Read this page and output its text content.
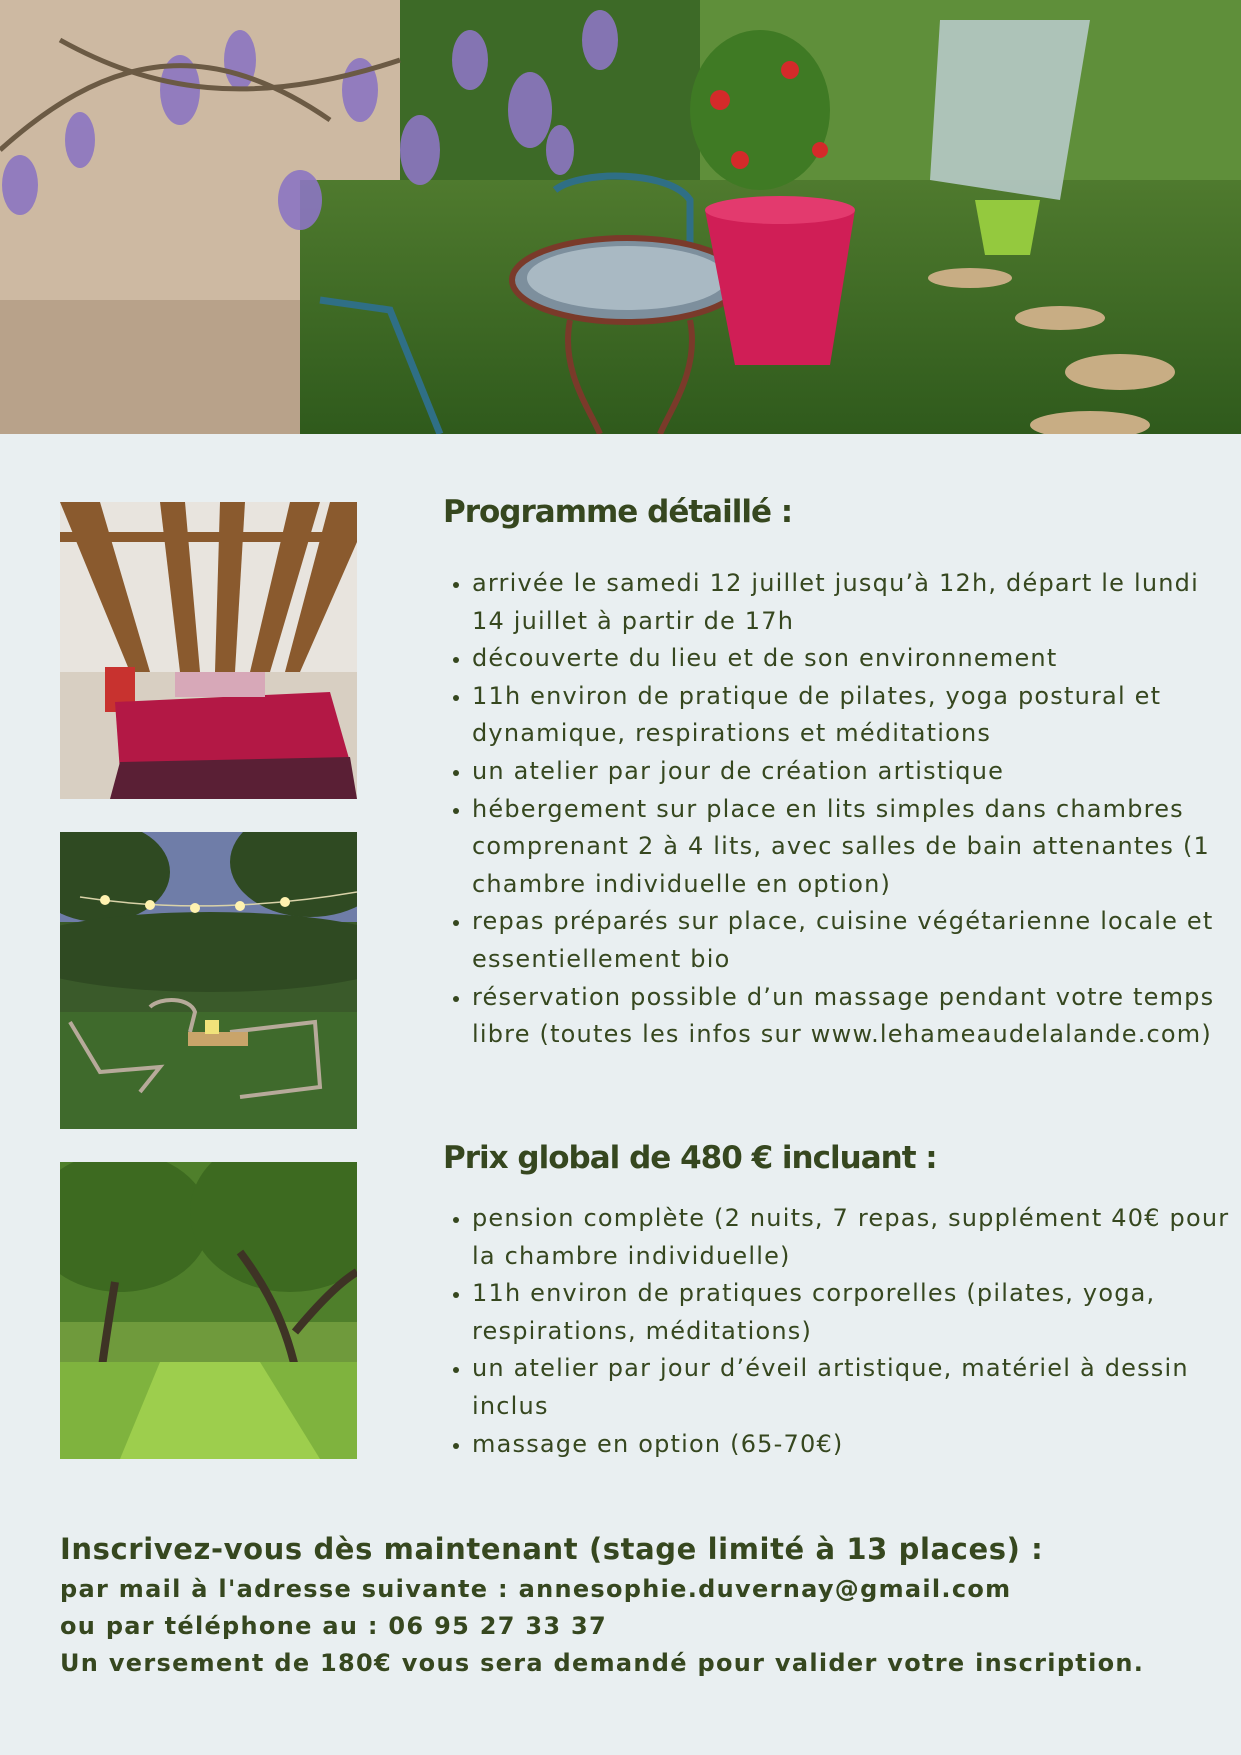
Programme détaillé :
• arrivée le samedi 12 juillet jusqu’à 12h, départ le lundi 14 juillet à partir de 17h
• découverte du lieu et de son environnement
• 11h environ de pratique de pilates, yoga postural et dynamique, respirations et méditations
• un atelier par jour de création artistique
• hébergement sur place en lits simples dans chambres comprenant 2 à 4 lits, avec salles de bain attenantes (1 chambre individuelle en option)
• repas préparés sur place, cuisine végétarienne locale et essentiellement bio
• réservation possible d’un massage pendant votre temps libre (toutes les infos sur www.lehameaudelalande.com)
Prix global de 480 € incluant :
• pension complète (2 nuits, 7 repas, supplément 40€ pour la chambre individuelle)
• 11h environ de pratiques corporelles (pilates, yoga, respirations, méditations)
• un atelier par jour d’éveil artistique, matériel à dessin inclus
• massage en option (65-70€)

Inscrivez-vous dès maintenant (stage limité à 13 places) :

par mail à l'adresse suivante : annesophie.duvernay@gmail.com

ou par téléphone au : 06 95 27 33 37

Un versement de 180€ vous sera demandé pour valider votre inscription.
